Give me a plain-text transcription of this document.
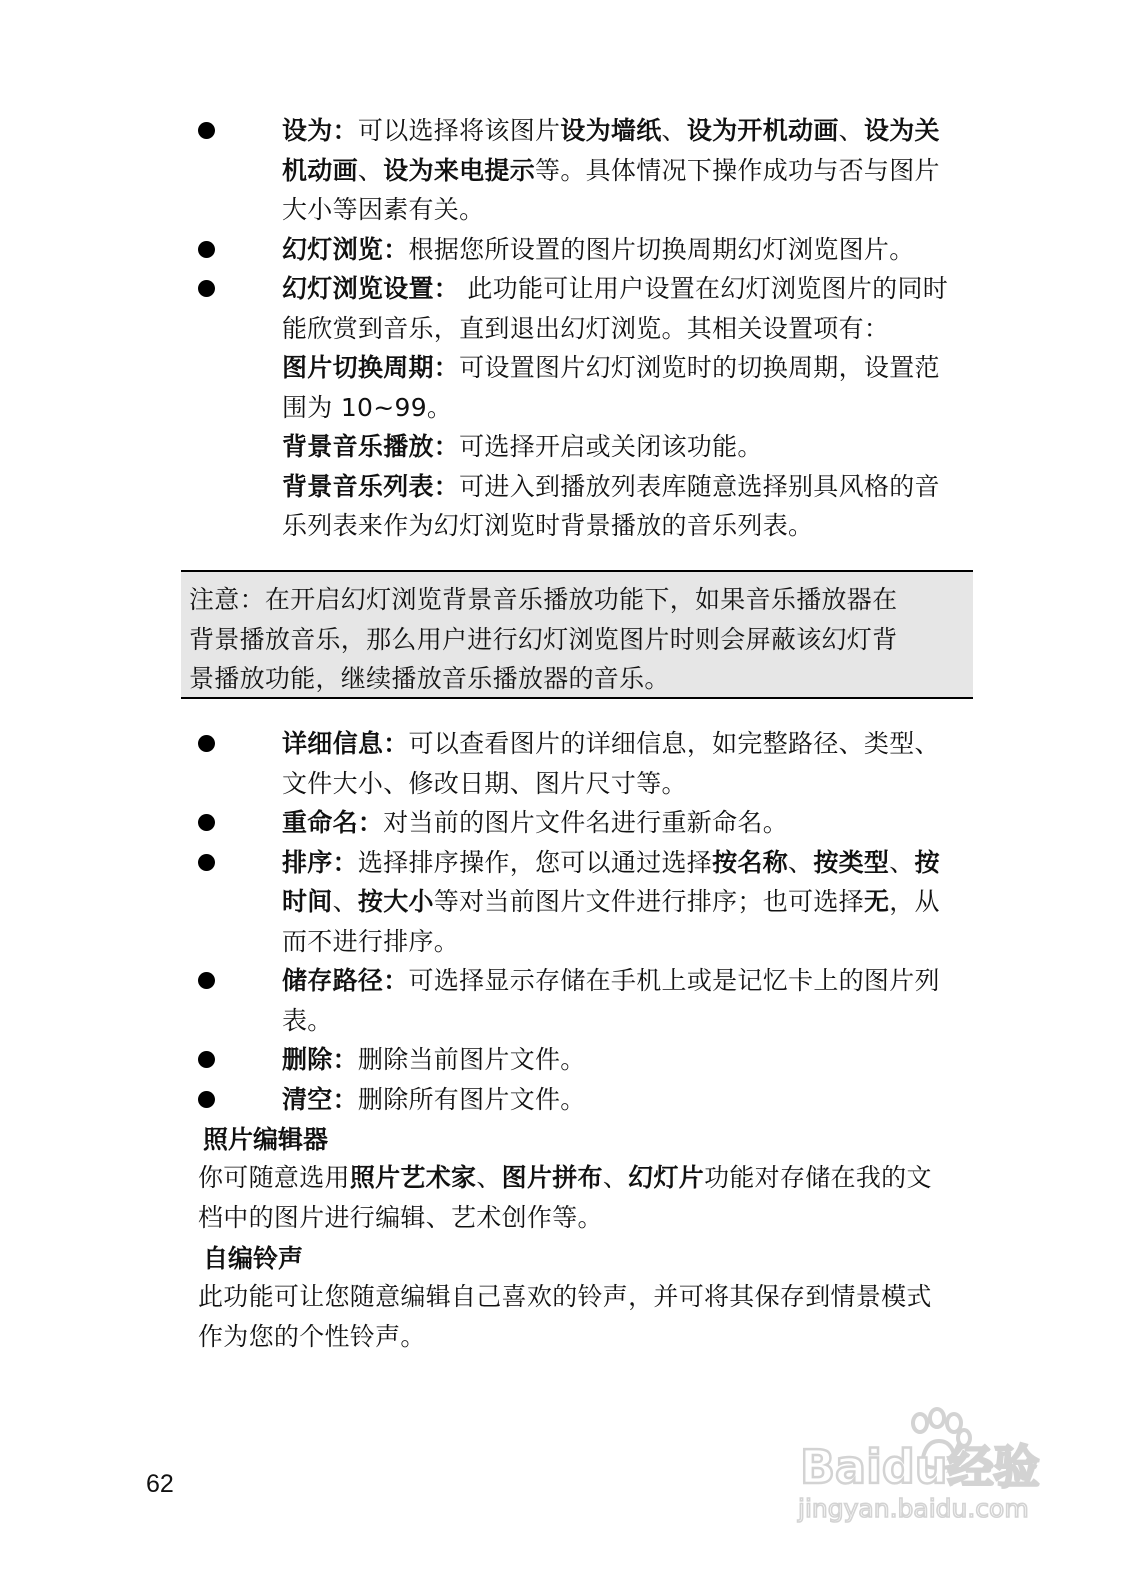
设为：可以选择将该图片设为墙纸、设为开机动画、设为关
机动画、设为来电提示等。具体情况下操作成功与否与图片
大小等因素有关。
幻灯浏览：根据您所设置的图片切换周期幻灯浏览图片。
幻灯浏览设置： 此功能可让用户设置在幻灯浏览图片的同时
能欣赏到音乐，直到退出幻灯浏览。其相关设置项有：
图片切换周期：可设置图片幻灯浏览时的切换周期，设置范
围为 10~99。
背景音乐播放：可选择开启或关闭该功能。
背景音乐列表：可进入到播放列表库随意选择别具风格的音
乐列表来作为幻灯浏览时背景播放的音乐列表。
注意：在开启幻灯浏览背景音乐播放功能下，如果音乐播放器在
背景播放音乐，那么用户进行幻灯浏览图片时则会屏蔽该幻灯背
景播放功能，继续播放音乐播放器的音乐。
详细信息：可以查看图片的详细信息，如完整路径、类型、
文件大小、修改日期、图片尺寸等。
重命名：对当前的图片文件名进行重新命名。
排序：选择排序操作，您可以通过选择按名称、按类型、按
时间、按大小等对当前图片文件进行排序；也可选择无，从
而不进行排序。
储存路径：可选择显示存储在手机上或是记忆卡上的图片列
表。
删除：删除当前图片文件。
清空：删除所有图片文件。
照片编辑器
你可随意选用照片艺术家、图片拼布、幻灯片功能对存储在我的文
档中的图片进行编辑、艺术创作等。
自编铃声
此功能可让您随意编辑自己喜欢的铃声，并可将其保存到情景模式
作为您的个性铃声。
62	Baidu经验
jingyan.baidu.com
